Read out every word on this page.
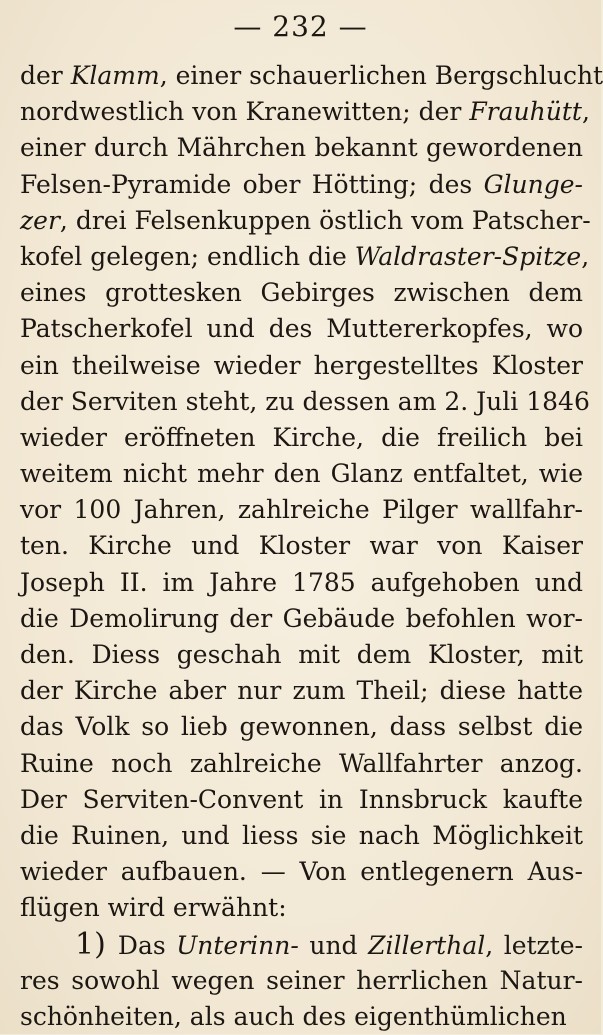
— 232 —
der Klamm, einer schauerlichen Bergschlucht
nordwestlich von Kranewitten; der Frauhütt,
einer durch Mährchen bekannt gewordenen
Felsen-Pyramide ober Hötting; des Glunge-
zer, drei Felsenkuppen östlich vom Patscher-
kofel gelegen; endlich die Waldraster-Spitze,
eines grottesken Gebirges zwischen dem
Patscherkofel und des Muttererkopfes, wo
ein theilweise wieder hergestelltes Kloster
der Serviten steht, zu dessen am 2. Juli 1846
wieder eröffneten Kirche, die freilich bei
weitem nicht mehr den Glanz entfaltet, wie
vor 100 Jahren, zahlreiche Pilger wallfahr-
ten. Kirche und Kloster war von Kaiser
Joseph II. im Jahre 1785 aufgehoben und
die Demolirung der Gebäude befohlen wor-
den. Diess geschah mit dem Kloster, mit
der Kirche aber nur zum Theil; diese hatte
das Volk so lieb gewonnen, dass selbst die
Ruine noch zahlreiche Wallfahrter anzog.
Der Serviten-Convent in Innsbruck kaufte
die Ruinen, und liess sie nach Möglichkeit
wieder aufbauen. — Von entlegenern Aus-
flügen wird erwähnt:
1) Das Unterinn- und Zillerthal, letzte-
res sowohl wegen seiner herrlichen Natur-
schönheiten, als auch des eigenthümlichen
